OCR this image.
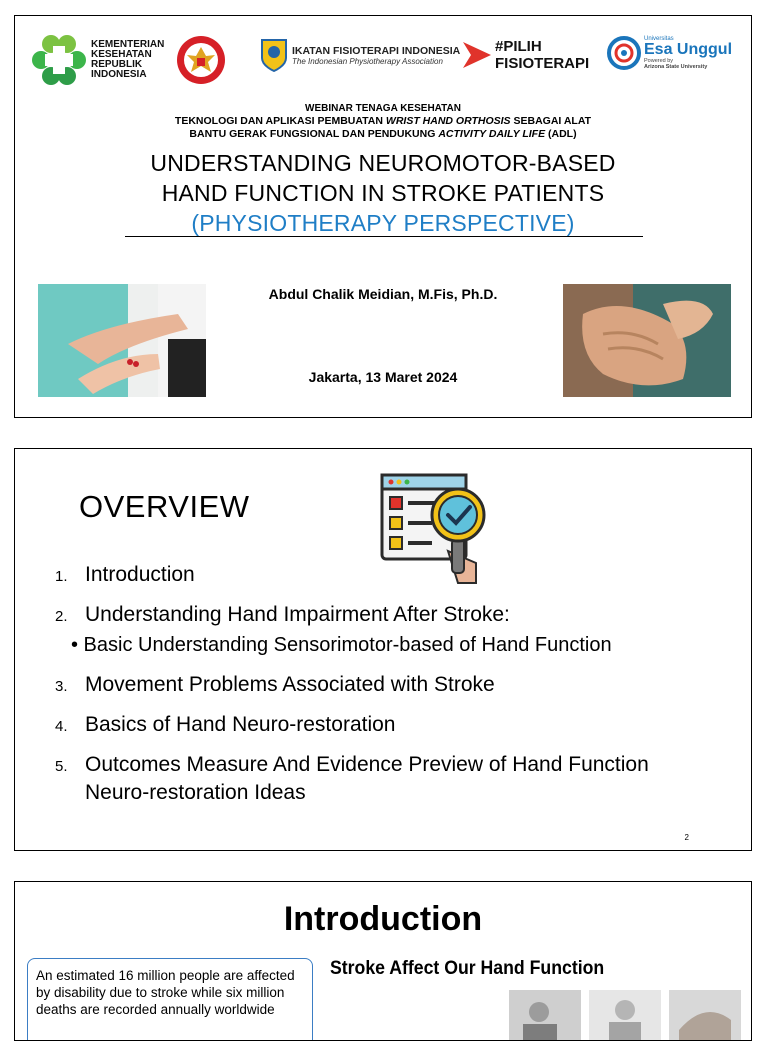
KEMENTERIAN
KESEHATAN
REPUBLIK
INDONESIA
IKATAN FISIOTERAPI INDONESIA
The Indonesian Physiotherapy Association
#PILIH
FISIOTERAPI
Universitas
Esa Unggul
Powered by
Arizona State University
WEBINAR TENAGA KESEHATAN
TEKNOLOGI DAN APLIKASI PEMBUATAN WRIST HAND ORTHOSIS SEBAGAI ALAT
BANTU GERAK FUNGSIONAL DAN PENDUKUNG ACTIVITY DAILY LIFE (ADL)
UNDERSTANDING NEUROMOTOR-BASED
HAND FUNCTION IN STROKE PATIENTS
(PHYSIOTHERAPY PERSPECTIVE)
Abdul Chalik Meidian, M.Fis, Ph.D.
Jakarta, 13 Maret 2024
OVERVIEW
1. Introduction
2. Understanding Hand Impairment After Stroke:
• Basic Understanding Sensorimotor-based of Hand Function
3. Movement Problems Associated with Stroke
4. Basics of Hand Neuro-restoration
5. Outcomes Measure And Evidence Preview of Hand Function Neuro-restoration Ideas
2
Introduction
An estimated 16 million people are affected by disability due to stroke while six million deaths are recorded annually worldwide
Stroke Affect Our Hand Function
